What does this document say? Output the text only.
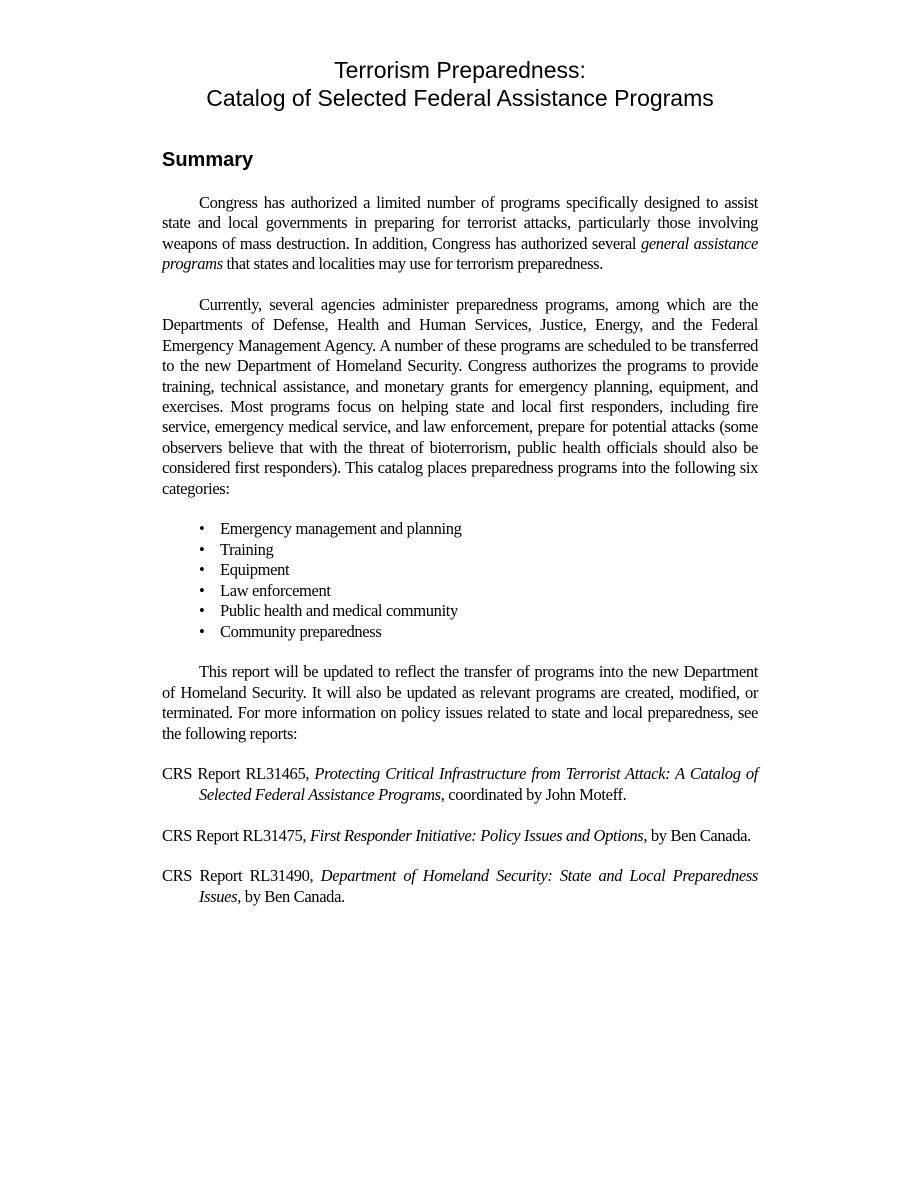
Terrorism Preparedness:
Catalog of Selected Federal Assistance Programs
Summary

Congress has authorized a limited number of programs specifically designed to assist state and local governments in preparing for terrorist attacks, particularly those involving weapons of mass destruction. In addition, Congress has authorized several general assistance programs that states and localities may use for terrorism preparedness.

Currently, several agencies administer preparedness programs, among which are the Departments of Defense, Health and Human Services, Justice, Energy, and the Federal Emergency Management Agency. A number of these programs are scheduled to be transferred to the new Department of Homeland Security. Congress authorizes the programs to provide training, technical assistance, and monetary grants for emergency planning, equipment, and exercises. Most programs focus on helping state and local first responders, including fire service, emergency medical service, and law enforcement, prepare for potential attacks (some observers believe that with the threat of bioterrorism, public health officials should also be considered first responders). This catalog places preparedness programs into the following six categories:

• Emergency management and planning
• Training
• Equipment
• Law enforcement
• Public health and medical community
• Community preparedness

This report will be updated to reflect the transfer of programs into the new Department of Homeland Security. It will also be updated as relevant programs are created, modified, or terminated. For more information on policy issues related to state and local preparedness, see the following reports:

CRS Report RL31465, Protecting Critical Infrastructure from Terrorist Attack: A Catalog of Selected Federal Assistance Programs, coordinated by John Moteff.

CRS Report RL31475, First Responder Initiative: Policy Issues and Options, by Ben Canada.

CRS Report RL31490, Department of Homeland Security: State and Local Preparedness Issues, by Ben Canada.
